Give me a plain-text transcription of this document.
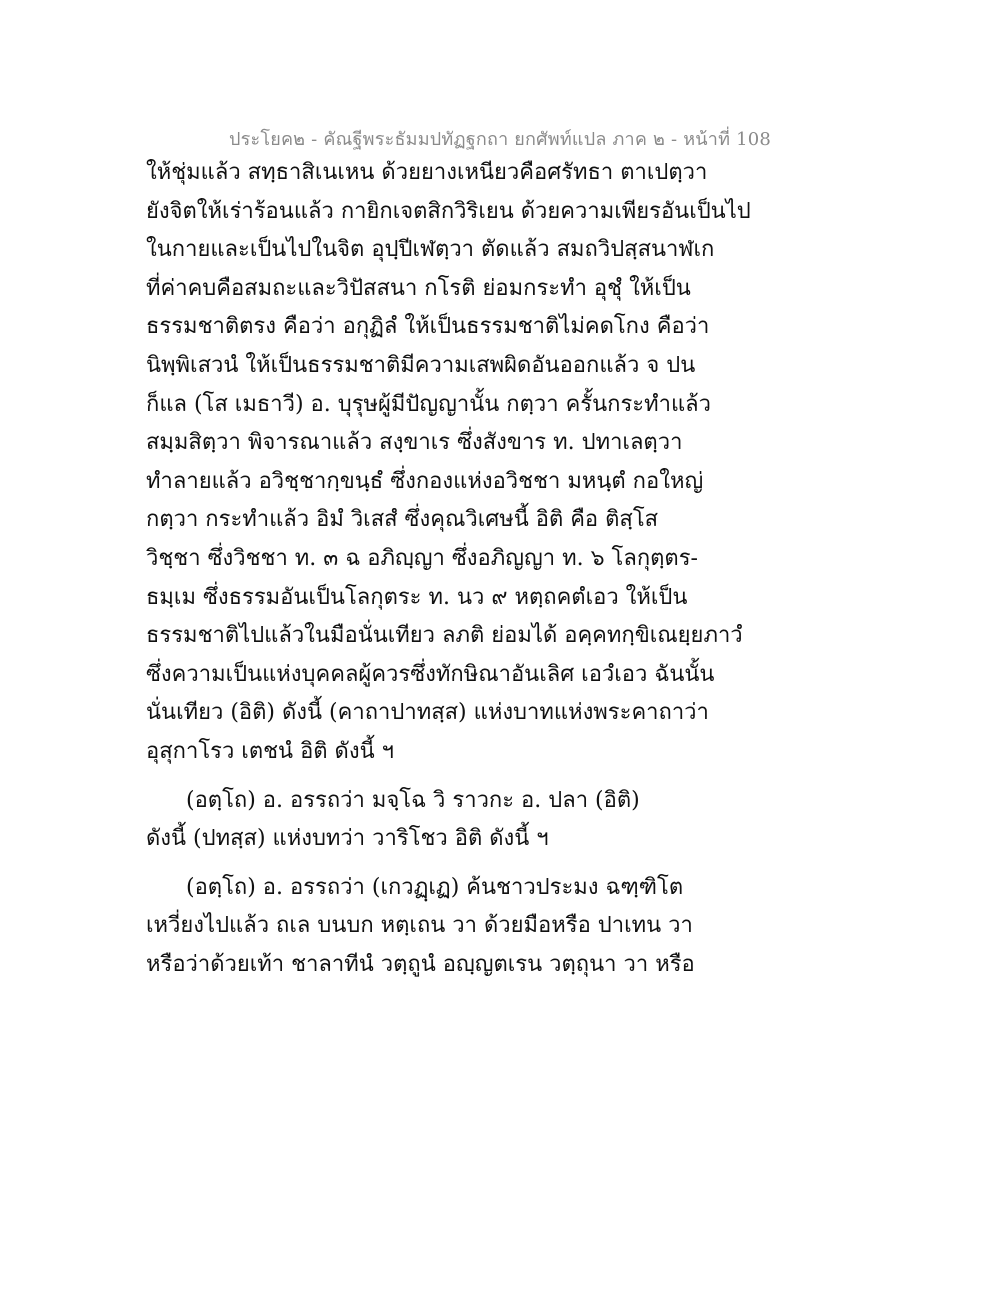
ประโยค๒ - คัณฐีพระธัมมปทัฏฐกถา ยกศัพท์แปล ภาค ๒ - หน้าที่ 108
ให้ชุ่มแล้ว สทฺธาสิเนเหน ด้วยยางเหนียวคือศรัทธา ตาเปตฺวา
ยังจิตให้เร่าร้อนแล้ว กายิกเจตสิกวิริเยน ด้วยความเพียรอันเป็นไป
ในกายและเป็นไปในจิต อุปฺปีเฬตฺวา ตัดแล้ว สมถวิปสฺสนาฬเก
ที่ค่าคบคือสมถะและวิปัสสนา กโรติ ย่อมกระทำ อุชุํ ให้เป็น
ธรรมชาติตรง คือว่า อกุฏิลํ ให้เป็นธรรมชาติไม่คดโกง คือว่า
นิพฺพิเสวนํ ให้เป็นธรรมชาติมีความเสพผิดอันออกแล้ว จ ปน
ก็แล (โส เมธาวี) อ. บุรุษผู้มีปัญญานั้น กตฺวา ครั้นกระทำแล้ว
สมฺมสิตฺวา พิจารณาแล้ว สงฺขาเร ซึ่งสังขาร ท. ปทาเลตฺวา
ทำลายแล้ว อวิชฺชากฺขนฺธํ ซึ่งกองแห่งอวิชชา มหนฺตํ กอใหญ่
กตฺวา กระทำแล้ว อิมํ วิเสสํ ซึ่งคุณวิเศษนี้ อิติ คือ ติสฺโส
วิชฺชา ซึ่งวิชชา ท. ๓ ฉ อภิญฺญา ซึ่งอภิญญา ท. ๖ โลกุตฺตร-
ธมฺเม ซึ่งธรรมอันเป็นโลกุตระ ท. นว ๙ หตฺถคตํเอว ให้เป็น
ธรรมชาติไปแล้วในมือนั่นเทียว ลภติ ย่อมได้ อคฺคทกฺขิเณยฺยภาวํ
ซึ่งความเป็นแห่งบุคคลผู้ควรซึ่งทักษิณาอันเลิศ เอวํเอว ฉันนั้น
นั่นเทียว (อิติ) ดังนี้ (คาถาปาทสฺส) แห่งบาทแห่งพระคาถาว่า
อุสุกาโรว เตชนํ อิติ ดังนี้ ฯ
(อตฺโถ) อ. อรรถว่า มจฺโฉ วิ ราวกะ อ. ปลา (อิติ)
ดังนี้ (ปทสฺส) แห่งบทว่า วาริโชว อิติ ดังนี้ ฯ
(อตฺโถ) อ. อรรถว่า (เกวฏฺเฏ) ค้นชาวประมง ฉฑฺฑิโต
เหวี่ยงไปแล้ว ถเล บนบก หตฺเถน วา ด้วยมือหรือ ปาเทน วา
หรือว่าด้วยเท้า ชาลาทีนํ วตฺถูนํ อญฺญตเรน วตฺถุนา วา หรือ
